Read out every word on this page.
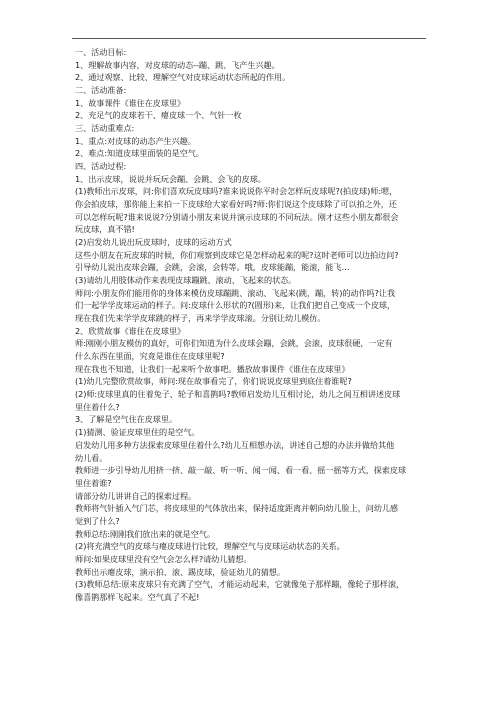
一、活动目标:
1、理解故事内容，对皮球的动态--蹦、跳、飞产生兴趣。
2、通过观察、比较、理解空气对皮球运动状态所起的作用。
二、活动准备:
1、故事课件《谁住在皮球里》
2、充足气的皮球若干、瘪皮球一个、气针一枚
三、活动重难点:
1、重点:对皮球的动态产生兴趣。
2、难点:知道皮球里面装的是空气。
四、活动过程:
1、出示皮球，说说并玩玩会蹦、会跳、会飞的皮球。
(1)教师出示皮球，问:你们喜欢玩皮球吗?谁来说说你平时会怎样玩皮球呢?(拍皮球)师:嗯，
你会拍皮球，那你能上来拍一下皮球给大家看好吗?师:你们说这个皮球除了可以拍之外，还
可以怎样玩呢?谁来说说?分别请小朋友来说并演示皮球的不同玩法。刚才这些小朋友都很会
玩皮球，真不错!
(2)启发幼儿说出玩皮球时，皮球的运动方式
这些小朋友在玩皮球的时候，你们观察到皮球它是怎样动起来的呢?这时老师可以边拍边问?
引导幼儿说出皮球会蹦，会跳，会滚，会转等。哦，皮球能蹦，能滚，能飞…
(3)请幼儿用肢体动作来表现皮球蹦跳、滚动、飞起来的状态。
师问:小朋友你们能用你的身体来模仿皮球蹦跳、滚动、飞起来(跳，蹦，转)的动作吗?让我
们一起学学皮球运动的样子。问:皮球什么形状的?(圆形)来，让我们把自己变成一个皮球，
现在我们先来学学皮球跳的样子，再来学学皮球滚。分别让幼儿模仿。
2、欣赏故事《谁住在皮球里》
师:刚刚小朋友模仿的真好，可你们知道为什么皮球会蹦，会跳，会滚，皮球很硬，一定有
什么东西在里面，究竟是谁住在皮球里呢?
现在我也不知道，让我们一起来听个故事吧。播放故事课件《谁住在皮球里》
(1)幼儿完整欣赏故事，师问:现在故事看完了，你们说说皮球里到底住着谁呢?
(2)师:皮球里真的住着兔子、轮子和喜鹊吗?教师启发幼儿互相讨论，幼儿之间互相讲述皮球
里住着什么?
3、了解是空气住在皮球里。
(1)猜测、验证皮球里住的是空气。
启发幼儿用多种方法探索皮球里住着什么?幼儿互相想办法，讲述自己想的办法并做给其他
幼儿看。
教师进一步引导幼儿用挤一挤、敲一敲、听一听、闻一闻、看一看、摇一摇等方式，探索皮球
里住着谁?
请部分幼儿讲讲自己的探索过程。
教师将气针插入气门芯，将皮球里的气体放出来，保持适度距离并朝向幼儿脸上，问幼儿感
觉到了什么?
教师总结:刚刚我们放出来的就是空气。
(2)将充满空气的皮球与瘪皮球进行比较，理解空气与皮球运动状态的关系。
师问:如果皮球里没有空气会怎么样?请幼儿猜想。
教师出示瘪皮球，演示拍、滚、踢皮球，验证幼儿的猜想。
(3)教师总结:原来皮球只有充满了空气，才能运动起来，它就像兔子那样蹦，像轮子那样滚，
像喜鹊那样飞起来。空气真了不起!
